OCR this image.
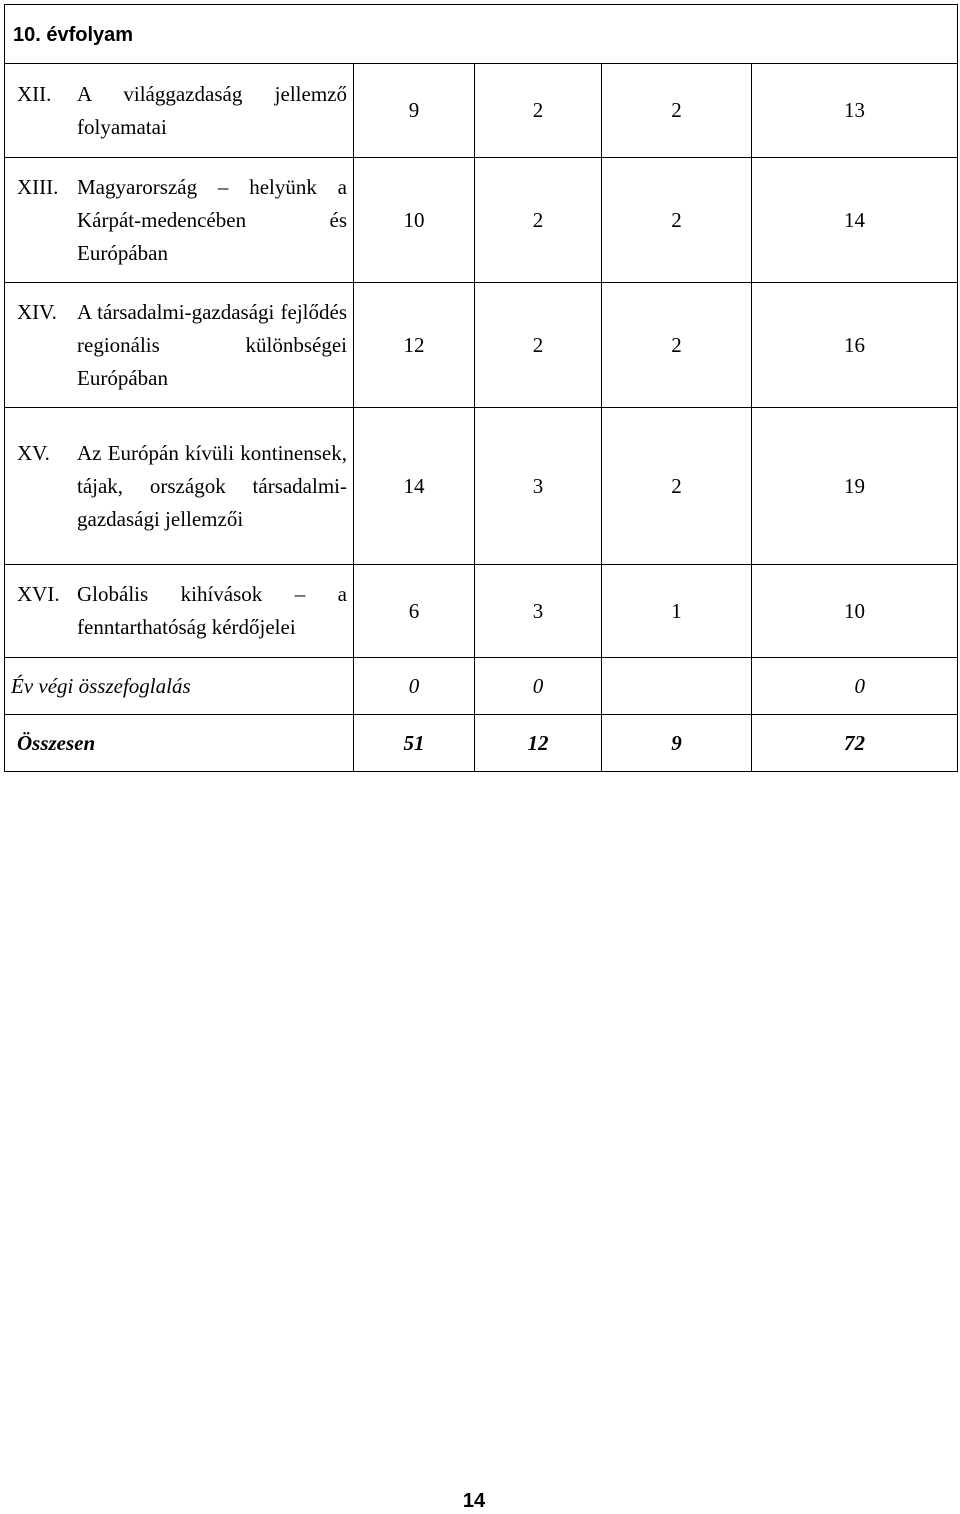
10. évfolyam				

XII. A világgazdaság jellemző folyamatai	9	2	2	13

XIII. Magyarország – helyünk a Kárpát-medencében és Európában	10	2	2	14

XIV. A társadalmi-gazdasági fejlődés regionális különbségei Európában	12	2	2	16

XV. Az Európán kívüli kontinensek, tájak, országok társadalmi-gazdasági jellemzői	14	3	2	19

XVI. Globális kihívások – a fenntarthatóság kérdőjelei	6	3	1	10
Év végi összefoglalás	0	0		0
Összesen	51	12	9	72
14
